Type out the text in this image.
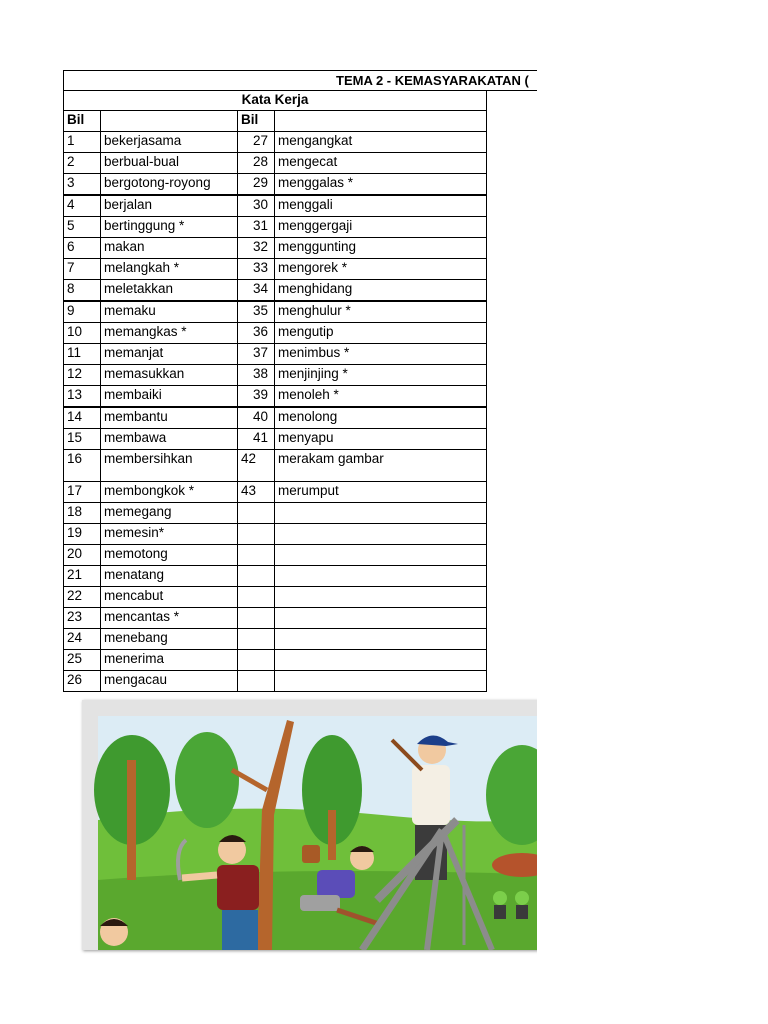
TEMA 2 - KEMASYARAKATAN (
Kata Kerja			
Bil		Bil	
1	bekerjasama	27	mengangkat
2	berbual-bual	28	mengecat
3	bergotong-royong	29	menggalas *
4	berjalan	30	menggali
5	bertinggung *	31	menggergaji
6	makan	32	menggunting
7	melangkah *	33	mengorek *
8	meletakkan	34	menghidang
9	memaku	35	menghulur *
10	memangkas *	36	mengutip
11	memanjat	37	menimbus *
12	memasukkan	38	menjinjing *
13	membaiki	39	menoleh *
14	membantu	40	menolong
15	membawa	41	menyapu
16	membersihkan	42	merakam gambar
17	membongkok *	43	merumput
18	memegang		
19	memesin*		
20	memotong		
21	menatang		
22	mencabut		
23	mencantas *		
24	menebang		
25	menerima		
26	mengacau		
